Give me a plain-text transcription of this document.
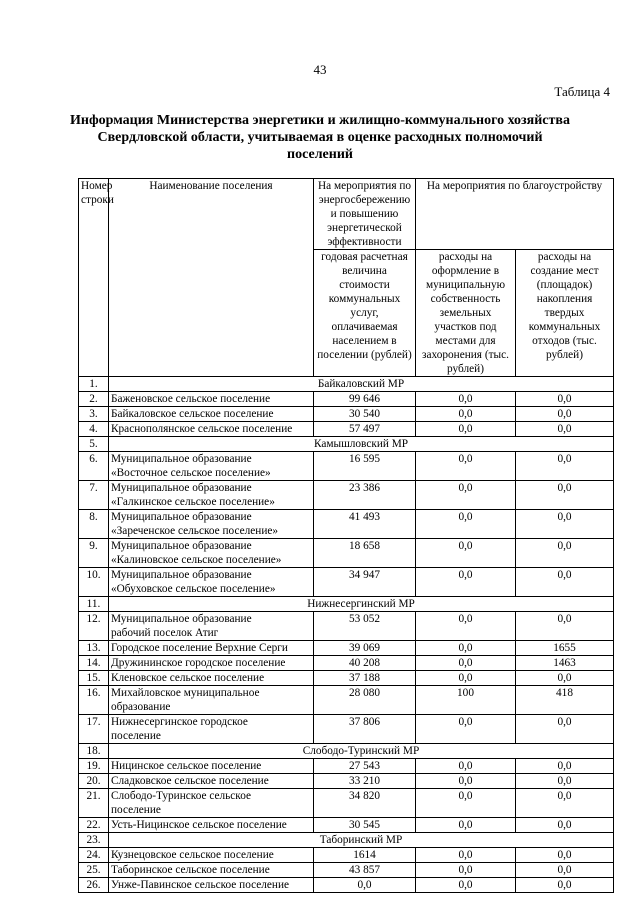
43
Таблица 4
Информация Министерства энергетики и жилищно-коммунального хозяйства Свердловской области, учитываемая в оценке расходных полномочий поселений
Номер строки	Наименование поселения	На мероприятия по энергосбережению и повышению энергетической эффективности	На мероприятия по благоустройству	
		годовая расчетная величина стоимости коммунальных услуг, оплачиваемая населением в поселении (рублей)	расходы на оформление в муниципальную собственность земельных участков под местами для захоронения (тыс. рублей)	расходы на создание мест (площадок) накопления твердых коммунальных отходов (тыс. рублей)
1.	Байкаловский МР			
2.	Баженовское сельское поселение	99 646	0,0	0,0
3.	Байкаловское сельское поселение	30 540	0,0	0,0
4.	Краснополянское сельское поселение	57 497	0,0	0,0
5.	Камышловский МР			
6.	Муниципальное образование
«Восточное сельское поселение»	16 595	0,0	0,0
7.	Муниципальное образование
«Галкинское сельское поселение»	23 386	0,0	0,0
8.	Муниципальное образование
«Зареченское сельское поселение»	41 493	0,0	0,0
9.	Муниципальное образование
«Калиновское сельское поселение»	18 658	0,0	0,0
10.	Муниципальное образование
«Обуховское сельское поселение»	34 947	0,0	0,0
11.	Нижнесергинский МР			
12.	Муниципальное образование
рабочий поселок Атиг	53 052	0,0	0,0
13.	Городское поселение Верхние Серги	39 069	0,0	1655
14.	Дружининское городское поселение	40 208	0,0	1463
15.	Кленовское сельское поселение	37 188	0,0	0,0
16.	Михайловское муниципальное
образование	28 080	100	418
17.	Нижнесергинское городское
поселение	37 806	0,0	0,0
18.	Слободо-Туринский МР			
19.	Ницинское сельское поселение	27 543	0,0	0,0
20.	Сладковское сельское поселение	33 210	0,0	0,0
21.	Слободо-Туринское сельское
поселение	34 820	0,0	0,0
22.	Усть-Ницинское сельское поселение	30 545	0,0	0,0
23.	Таборинский МР			
24.	Кузнецовское сельское поселение	1614	0,0	0,0
25.	Таборинское сельское поселение	43 857	0,0	0,0
26.	Унже-Павинское сельское поселение	0,0	0,0	0,0
